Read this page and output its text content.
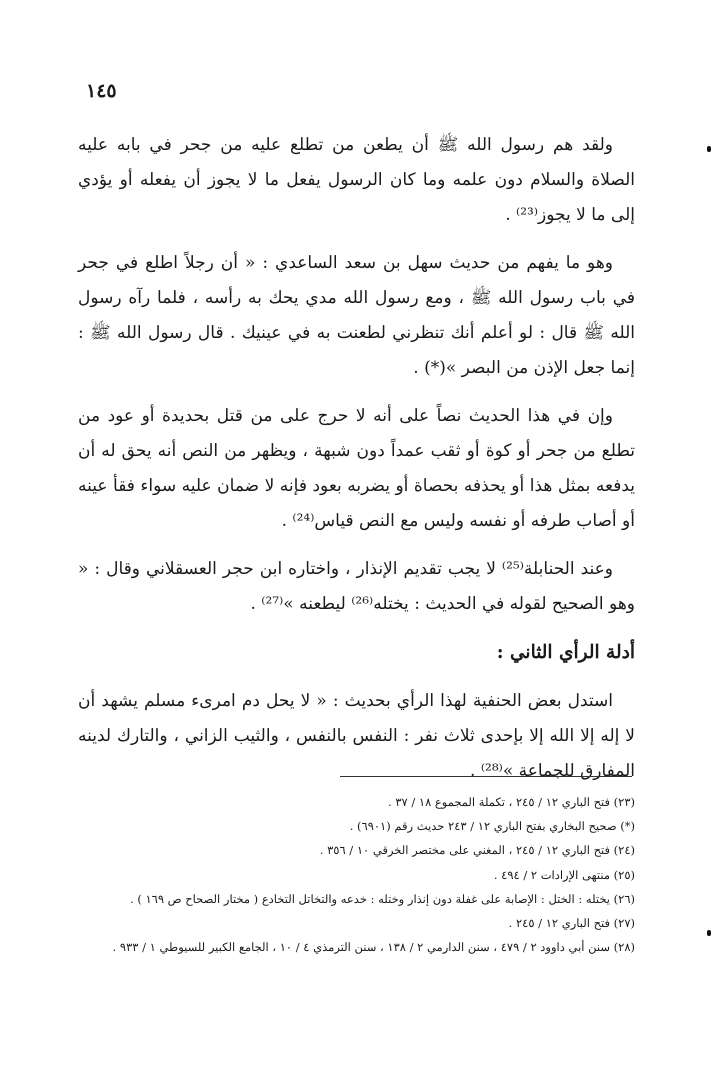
١٤٥

ولقد هم رسول الله ﷺ أن يطعن من تطلع عليه من جحر في بابه عليه الصلاة والسلام دون علمه وما كان الرسول يفعل ما لا يجوز أن يفعله أو يؤدي إلى ما لا يجوز⁽²³⁾ .

وهو ما يفهم من حديث سهل بن سعد الساعدي : « أن رجلاً اطلع في جحر في باب رسول الله ﷺ ، ومع رسول الله مدي يحك به رأسه ، فلما رآه رسول الله ﷺ قال : لو أعلم أنك تنظرني لطعنت به في عينيك . قال رسول الله ﷺ : إنما جعل الإذن من البصر »(*) .

وإن في هذا الحديث نصاً على أنه لا حرج على من قتل بحديدة أو عود من تطلع من جحر أو كوة أو ثقب عمداً دون شبهة ، ويظهر من النص أنه يحق له أن يدفعه بمثل هذا أو يحذفه بحصاة أو يضربه بعود فإنه لا ضمان عليه سواء فقأ عينه أو أصاب طرفه أو نفسه وليس مع النص قياس⁽²⁴⁾ .

وعند الحنابلة⁽²⁵⁾ لا يجب تقديم الإنذار ، واختاره ابن حجر العسقلاني وقال : « وهو الصحيح لقوله في الحديث : يختله⁽²⁶⁾ ليطعنه »⁽²⁷⁾ .

أدلة الرأي الثاني :

استدل بعض الحنفية لهذا الرأي بحديث : « لا يحل دم امرىء مسلم يشهد أن لا إله إلا الله إلا بإحدى ثلاث نفر : النفس بالنفس ، والثيب الزاني ، والتارك لدينه المفارق للجماعة »⁽²⁸⁾ .

(٢٣) فتح الباري ١٢ / ٢٤٥ ، تكملة المجموع ١٨ / ٣٧ .
(*) صحيح البخاري بفتح الباري ١٢ / ٢٤٣ حديث رقم (٦٩٠١) .
(٢٤) فتح الباري ١٢ / ٢٤٥ ، المغني على مختصر الخرقي ١٠ / ٣٥٦ .
(٢٥) منتهى الإرادات ٢ / ٤٩٤ .
(٢٦) يختله : الختل : الإصابة على غفلة دون إنذار وختله : خدعه والتخاتل التخادع ( مختار الصحاح ص ١٦٩ ) .
(٢٧) فتح الباري ١٢ / ٢٤٥ .
(٢٨) سنن أبي داوود ٢ / ٤٧٩ ، سنن الدارمي ٢ / ١٣٨ ، سنن الترمذي ٤ / ١٠ ، الجامع الكبير للسيوطي ١ / ٩٣٣ .
